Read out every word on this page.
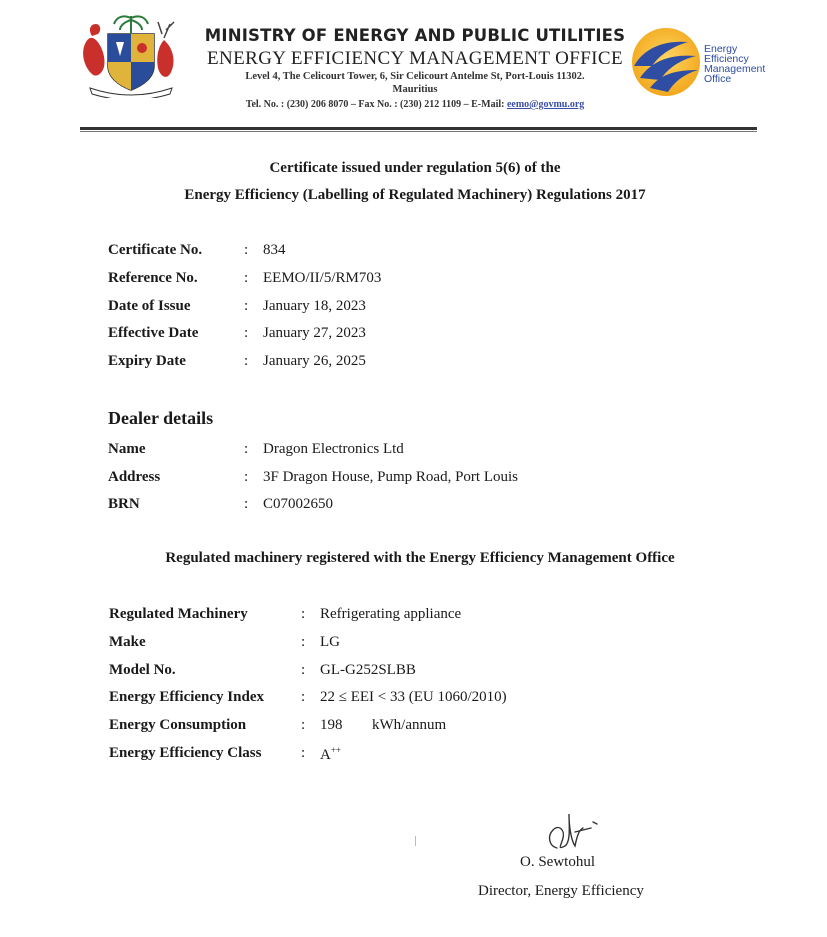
MINISTRY OF ENERGY AND PUBLIC UTILITIES
ENERGY EFFICIENCY MANAGEMENT OFFICE
Level 4, The Celicourt Tower, 6, Sir Celicourt Antelme St, Port-Louis 11302.
Mauritius
Tel. No. : (230) 206 8070 – Fax No. : (230) 212 1109 – E-Mail: eemo@govmu.org
Energy
Efficiency
Management
Office
Certificate issued under regulation 5(6) of the
Energy Efficiency (Labelling of Regulated Machinery) Regulations 2017
Certificate No.	: 834
Reference No.	: EEMO/II/5/RM703
Date of Issue	: January 18, 2023
Effective Date	: January 27, 2023
Expiry Date	: January 26, 2025
Dealer details
Name	: Dragon Electronics Ltd
Address	: 3F Dragon House, Pump Road, Port Louis
BRN	: C07002650
Regulated machinery registered with the Energy Efficiency Management Office
Regulated Machinery	: Refrigerating appliance
Make	: LG
Model No.	: GL-G252SLBB
Energy Efficiency Index : 22 ≤ EEI < 33 (EU 1060/2010)
Energy Consumption	: 198 kWh/annum
Energy Efficiency Class	: A++
O. Sewtohul
Director, Energy Efficiency
